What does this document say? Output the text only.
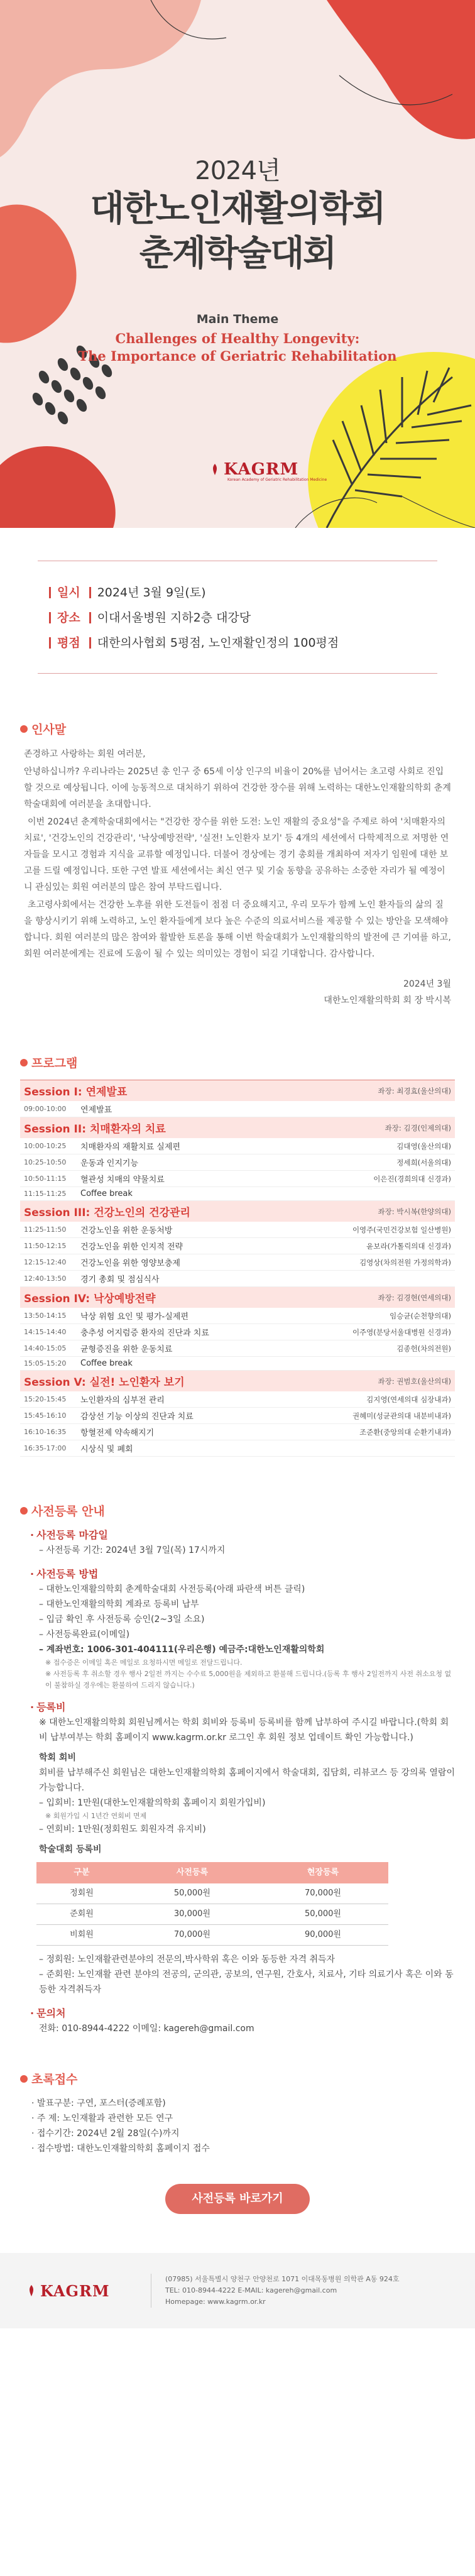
2024년
대한노인재활의학회
춘계학술대회
Main Theme
Challenges of Healthy Longevity:
The Importance of Geriatric Rehabilitation
KAGRM
Korean Academy of Geriatric Rehabilitation Medicine
일시 2024년 3월 9일(토)
장소 이대서울병원 지하2층 대강당
평점 대한의사협회 5평점, 노인재활인정의 100평점
인사말

존경하고 사랑하는 회원 여러분,

안녕하십니까? 우리나라는 2025년 총 인구 중 65세 이상 인구의 비율이 20%를 넘어서는 초고령 사회로 진입할 것으로 예상됩니다. 이에 능동적으로 대처하기 위하여 건강한 장수를 위해 노력하는 대한노인재활의학회 춘계학술대회에 여러분을 초대합니다.

이번 2024년 춘계학술대회에서는 "건강한 장수를 위한 도전: 노인 재활의 중요성"을 주제로 하여 '치매환자의 치료', '건강노인의 건강관리', '낙상예방전략', '실전! 노인환자 보기' 등 4개의 세션에서 다학제적으로 저명한 연자들을 모시고 경험과 지식을 교류할 예정입니다. 더불어 경상에는 경기 총회를 개최하여 저자기 임원에 대한 보고를 드릴 예정입니다. 또한 구연 발표 세션에서는 최신 연구 및 기술 동향을 공유하는 소중한 자리가 될 예정이니 관심있는 회원 여러분의 많은 참여 부탁드립니다.

초고령사회에서는 건강한 노후를 위한 도전들이 점점 더 중요해지고, 우리 모두가 함께 노인 환자들의 삶의 질을 향상시키기 위해 노력하고, 노인 환자들에게 보다 높은 수준의 의료서비스를 제공할 수 있는 방안을 모색해야 합니다. 회원 여러분의 많은 참여와 활발한 토론을 통해 이번 학술대회가 노인재활의학의 발전에 큰 기여를 하고, 회원 여러분에게는 진료에 도움이 될 수 있는 의미있는 경험이 되길 기대합니다. 감사합니다.

2024년 3월
대한노인재활의학회 회 장 박시복
프로그램
Session I: 연제발표		좌장: 최경효(울산의대)
09:00-10:00	연제발표	
Session II: 치매환자의 치료		좌장: 김경(인제의대)
10:00-10:25	치매환자의 재활치료 실제편	김대영(울산의대)
10:25-10:50	운동과 인지기능	정세희(서울의대)
10:50-11:15	혈관성 치매의 약물치료	이은진(경희의대 신경과)
11:15-11:25	Coffee break	
Session III: 건강노인의 건강관리		좌장: 박시복(한양의대)
11:25-11:50	건강노인을 위한 운동처방	이영주(국민건강보험 일산병원)
11:50-12:15	건강노인을 위한 인지적 전략	윤보라(가톨릭의대 신경과)
12:15-12:40	건강노인을 위한 영양보충제	김영상(차의전원 가정의학과)
12:40-13:50	경기 총회 및 점심식사	
Session IV: 낙상예방전략		좌장: 김경현(연세의대)
13:50-14:15	낙상 위험 요인 및 평가-실제편	임승균(순천향의대)
14:15-14:40	충추성 어지럼증 환자의 진단과 치료	이주영(분당서울대병원 신경과)
14:40-15:05	균형증진을 위한 운동치료	김종헌(차의전원)
15:05-15:20	Coffee break	
Session V: 실전! 노인환자 보기		좌장: 권범호(울산의대)
15:20-15:45	노인환자의 심부전 관리	김지영(연세의대 심장내과)
15:45-16:10	감상선 기능 이상의 진단과 치료	권혜미(성균관의대 내분비내과)
16:10-16:35	항혈전제 약속해지기	조준환(중앙의대 순환기내과)
16:35-17:00	시상식 및 폐회	
사전등록 안내
· 사전등록 마감일
– 사전등록 기간: 2024년 3월 7일(목) 17시까지
· 사전등록 방법
– 대한노인재활의학회 춘계학술대회 사전등록(아래 파란색 버튼 클릭)
– 대한노인재활의학회 계좌로 등록비 납부
– 입금 확인 후 사전등록 승인(2~3일 소요)
– 사전등록완료(이메일)
– 계좌번호: 1006-301-404111(우리은행) 예금주:대한노인재활의학회
※ 접수증은 이메일 혹은 메일로 요청하시면 메일로 전달드립니다.
※ 사전등록 후 취소할 경우 행사 2일전 까지는 수수료 5,000원을 제외하고 환불해 드립니다.(등록 후 행사 2일전까지 사전 취소요청 없이 불참하실 경우에는 환불하여 드리지 않습니다.)
· 등록비
※ 대한노인재활의학회 회원님께서는 학회 회비와 등록비 등록비를 함께 납부하여 주시길 바랍니다.(학회 회비 납부여부는 학회 홈페이지 www.kagrm.or.kr 로그인 후 회원 정보 업데이트 확인 가능합니다.)
학회 회비
회비를 납부해주신 회원님은 대한노인재활의학회 홈페이지에서 학술대회, 집담회, 리뷰코스 등 강의록 열람이 가능합니다.
– 입회비: 1만원(대한노인재활의학회 홈페이지 회원가입비)
※ 회원가입 시 1년간 연회비 면제
– 연회비: 1만원(정회원도 회원자격 유지비)
학술대회 등록비
구분	사전등록	현장등록
정회원	50,000원	70,000원
준회원	30,000원	50,000원
비회원	70,000원	90,000원
– 정회원: 노인재활관련분야의 전문의,박사학위 혹은 이와 동등한 자격 취득자
– 준회원: 노인재활 관련 분야의 전공의, 군의관, 공보의, 연구원, 간호사, 치료사, 기타 의료기사 혹은 이와 동등한 자격취득자
· 문의처
전화: 010-8944-4222 이메일: kagereh@gmail.com
초록접수
· 발표구분: 구연, 포스터(증례포함)
· 주 제: 노인재활과 관련한 모든 연구
· 접수기간: 2024년 2월 28일(수)까지
· 접수방법: 대한노인재활의학회 홈페이지 접수
사전등록 바로가기
KAGRM
(07985) 서울특별시 양천구 안양천로 1071 이대목동병원 의학관 A동 924호
TEL: 010-8944-4222 E-MAIL: kagereh@gmail.com
Homepage: www.kagrm.or.kr
